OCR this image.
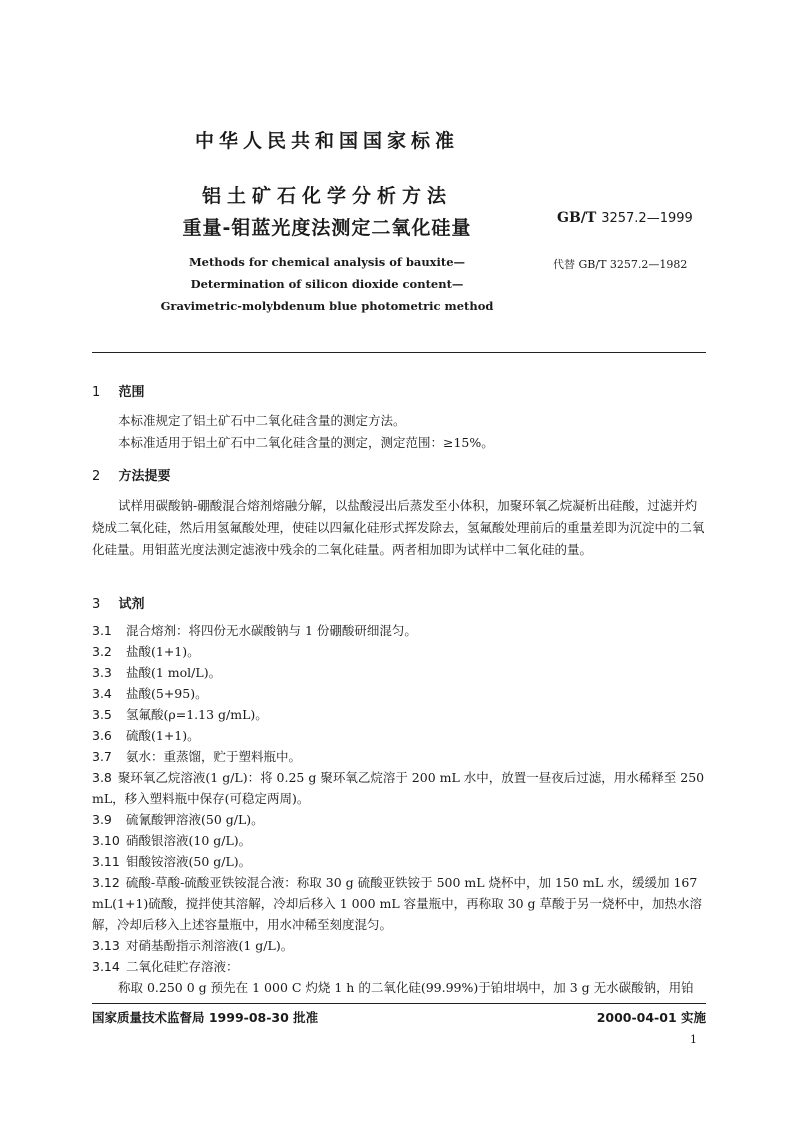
中华人民共和国国家标准
铝土矿石化学分析方法
重量-钼蓝光度法测定二氧化硅量	GB/T 3257.2—1999
代替 GB/T 3257.2—1982
Methods for chemical analysis of bauxite—
Determination of silicon dioxide content—
Gravimetric-molybdenum blue photometric method
1 范围
本标准规定了铝土矿石中二氧化硅含量的测定方法。
本标准适用于铝土矿石中二氧化硅含量的测定，测定范围：≥15%。
2 方法提要
试样用碳酸钠-硼酸混合熔剂熔融分解，以盐酸浸出后蒸发至小体积，加聚环氧乙烷凝析出硅酸，过滤并灼烧成二氧化硅，然后用氢氟酸处理，使硅以四氟化硅形式挥发除去，氢氟酸处理前后的重量差即为沉淀中的二氧化硅量。用钼蓝光度法测定滤液中残余的二氧化硅量。两者相加即为试样中二氧化硅的量。
3 试剂
3.1 混合熔剂：将四份无水碳酸钠与 1 份硼酸研细混匀。
3.2 盐酸(1+1)。
3.3 盐酸(1 mol/L)。
3.4 盐酸(5+95)。
3.5 氢氟酸(ρ=1.13 g/mL)。
3.6 硫酸(1+1)。
3.7 氨水：重蒸馏，贮于塑料瓶中。
3.8 聚环氧乙烷溶液(1 g/L)：将 0.25 g 聚环氧乙烷溶于 200 mL 水中，放置一昼夜后过滤，用水稀释至 250 mL，移入塑料瓶中保存(可稳定两周)。
3.9 硫氰酸钾溶液(50 g/L)。
3.10 硝酸银溶液(10 g/L)。
3.11 钼酸铵溶液(50 g/L)。
3.12 硫酸-草酸-硫酸亚铁铵混合液：称取 30 g 硫酸亚铁铵于 500 mL 烧杯中，加 150 mL 水，缓缓加 167 mL(1+1)硫酸，搅拌使其溶解，冷却后移入 1 000 mL 容量瓶中，再称取 30 g 草酸于另一烧杯中，加热水溶解，冷却后移入上述容量瓶中，用水冲稀至刻度混匀。
3.13 对硝基酚指示剂溶液(1 g/L)。
3.14 二氧化硅贮存溶液：
称取 0.250 0 g 预先在 1 000 C 灼烧 1 h 的二氧化硅(99.99%)于铂坩埚中，加 3 g 无水碳酸钠，用铂
国家质量技术监督局 1999-08-30 批准	2000-04-01 实施
1
